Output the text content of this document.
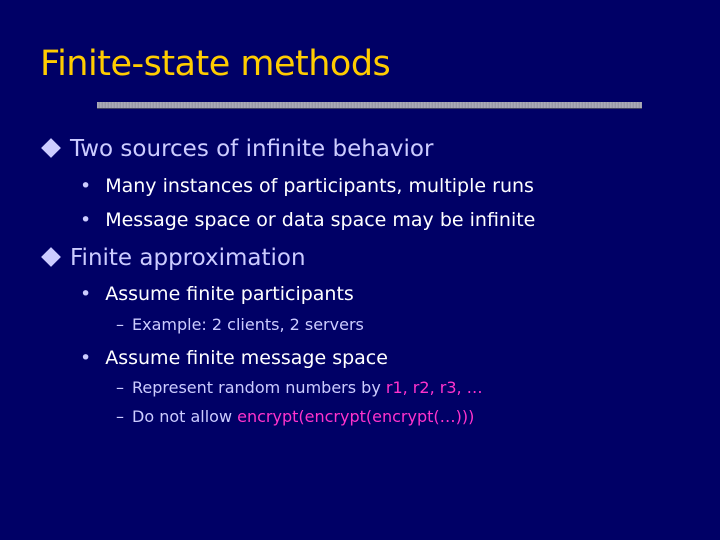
Finite-state methods
Two sources of infinite behavior
• Many instances of participants, multiple runs
• Message space or data space may be infinite
Finite approximation
• Assume finite participants
– Example: 2 clients, 2 servers
• Assume finite message space
– Represent random numbers by r1, r2, r3, …
– Do not allow encrypt(encrypt(encrypt(…)))
